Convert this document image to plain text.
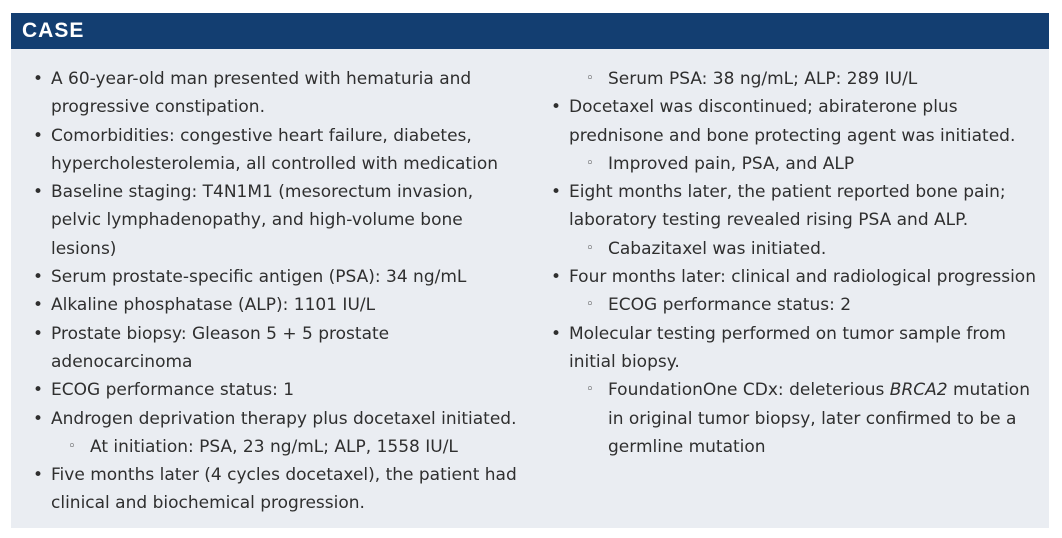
CASE
• A 60-year-old man presented with hematuria and progressive constipation.
• Comorbidities: congestive heart failure, diabetes, hypercholesterolemia, all controlled with medication
• Baseline staging: T4N1M1 (mesorectum invasion, pelvic lymphadenopathy, and high-volume bone lesions)
• Serum prostate-specific antigen (PSA): 34 ng/mL
• Alkaline phosphatase (ALP): 1101 IU/L
• Prostate biopsy: Gleason 5 + 5 prostate adenocarcinoma
• ECOG performance status: 1
• Androgen deprivation therapy plus docetaxel initiated.
◦ At initiation: PSA, 23 ng/mL; ALP, 1558 IU/L
• Five months later (4 cycles docetaxel), the patient had clinical and biochemical progression.
◦ Serum PSA: 38 ng/mL; ALP: 289 IU/L
• Docetaxel was discontinued; abiraterone plus prednisone and bone protecting agent was initiated.
◦ Improved pain, PSA, and ALP
• Eight months later, the patient reported bone pain; laboratory testing revealed rising PSA and ALP.
◦ Cabazitaxel was initiated.
• Four months later: clinical and radiological progression
◦ ECOG performance status: 2
• Molecular testing performed on tumor sample from initial biopsy.
◦ FoundationOne CDx: deleterious BRCA2 mutation in original tumor biopsy, later confirmed to be a germline mutation
